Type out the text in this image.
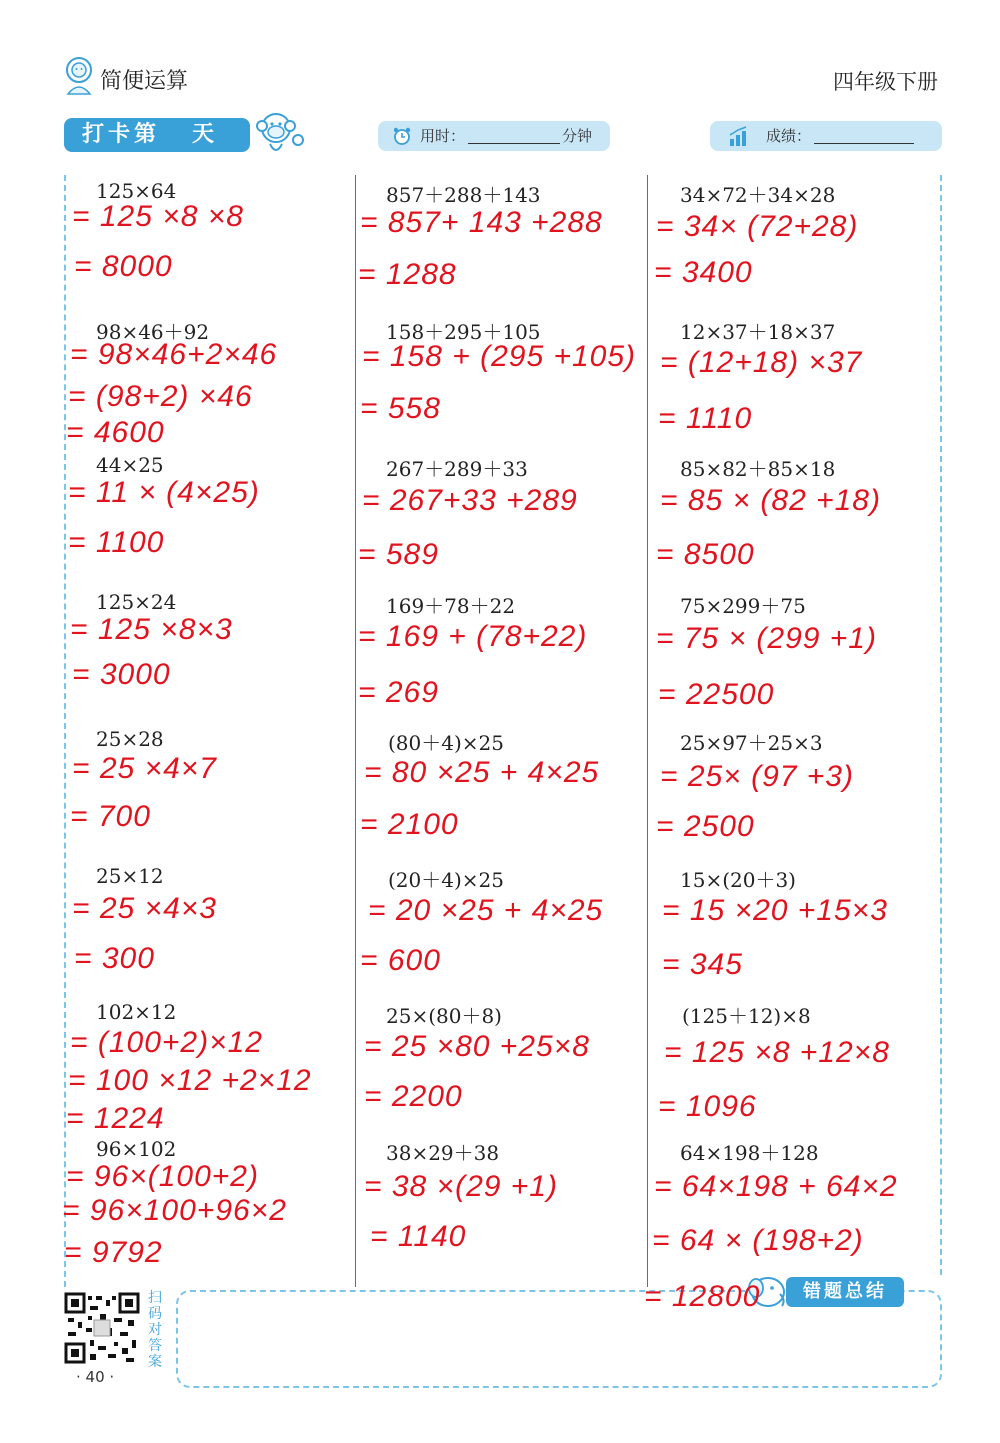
简便运算	四年级下册
打卡第 天	用时：	分钟	成绩：
125×64
= 125 ×8 ×8
= 8000
98×46＋92
= 98×46+2×46
= (98+2) ×46
= 4600
44×25
= 11 × (4×25)
= 1100
125×24
= 125 ×8×3
= 3000
25×28
= 25 ×4×7
= 700
25×12
= 25 ×4×3
= 300
102×12
= (100+2)×12
= 100 ×12 +2×12
= 1224
96×102
= 96×(100+2)
= 96×100+96×2
= 9792
857＋288＋143
= 857+ 143 +288
= 1288
158＋295＋105
= 158 + (295 +105)
= 558
267＋289＋33
= 267+33 +289
= 589
169＋78＋22
= 169 + (78+22)
= 269
(80＋4)×25
= 80 ×25 + 4×25
= 2100
(20＋4)×25
= 20 ×25 + 4×25
= 600
25×(80＋8)
= 25 ×80 +25×8
= 2200
38×29＋38
= 38 ×(29 +1)
= 1140
34×72＋34×28
= 34× (72+28)
= 3400
12×37＋18×37
= (12+18) ×37
= 1110
85×82＋85×18
= 85 × (82 +18)
= 8500
75×299＋75
= 75 × (299 +1)
= 22500
25×97＋25×3
= 25× (97 +3)
= 2500
15×(20＋3)
= 15 ×20 +15×3
= 345
(125＋12)×8
= 125 ×8 +12×8
= 1096
64×198＋128
= 64×198 + 64×2
= 64 × (198+2)
= 12800	错题总结
扫码对答案
· 40 ·
